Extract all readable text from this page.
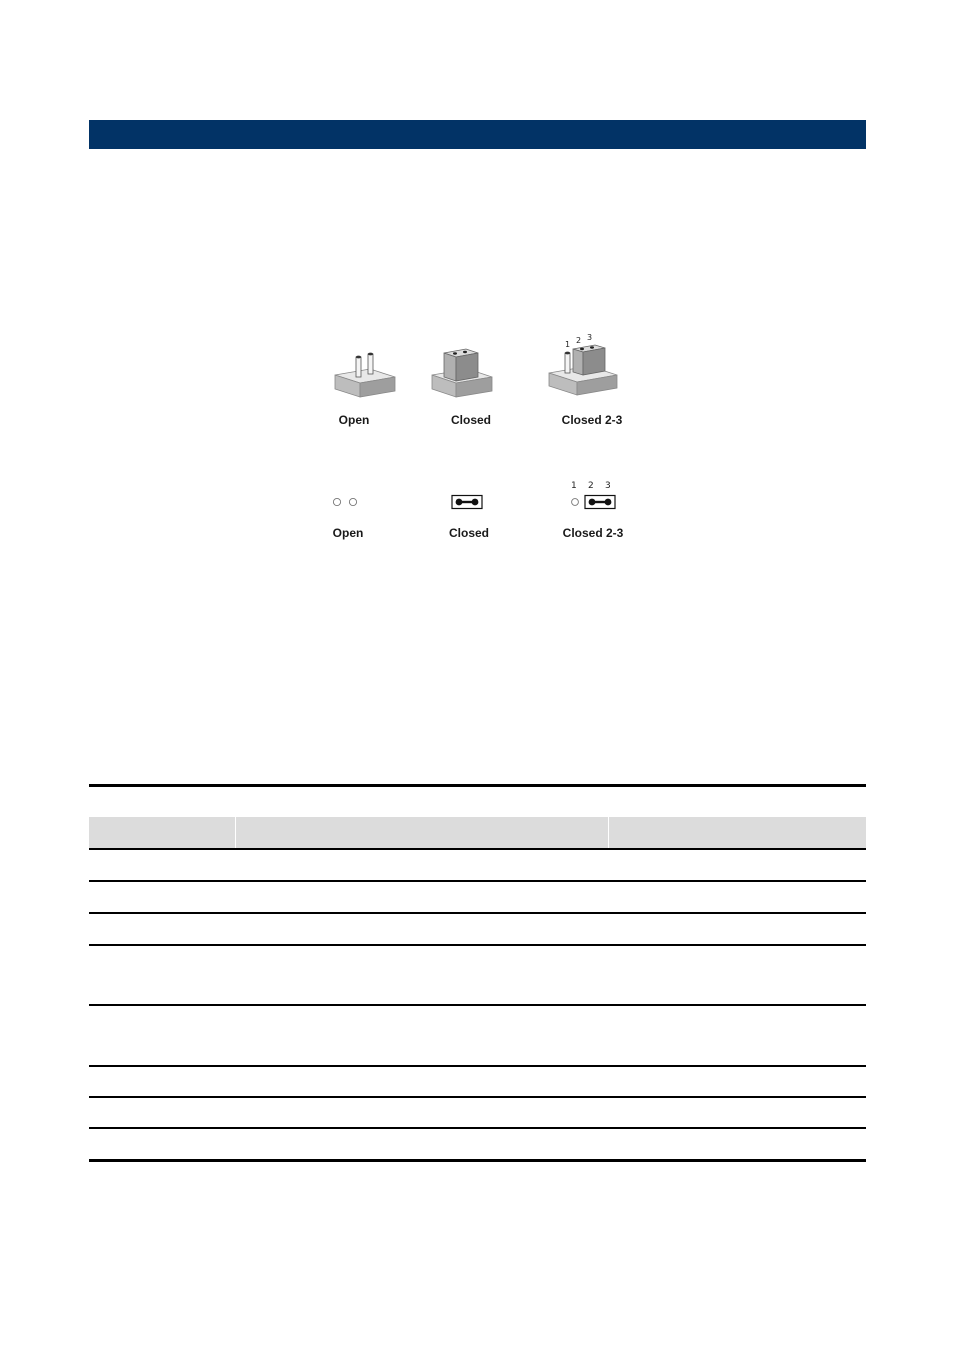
1 2 3
Open	Closed	Closed 2-3
1 2 3
Open	Closed	Closed 2-3
